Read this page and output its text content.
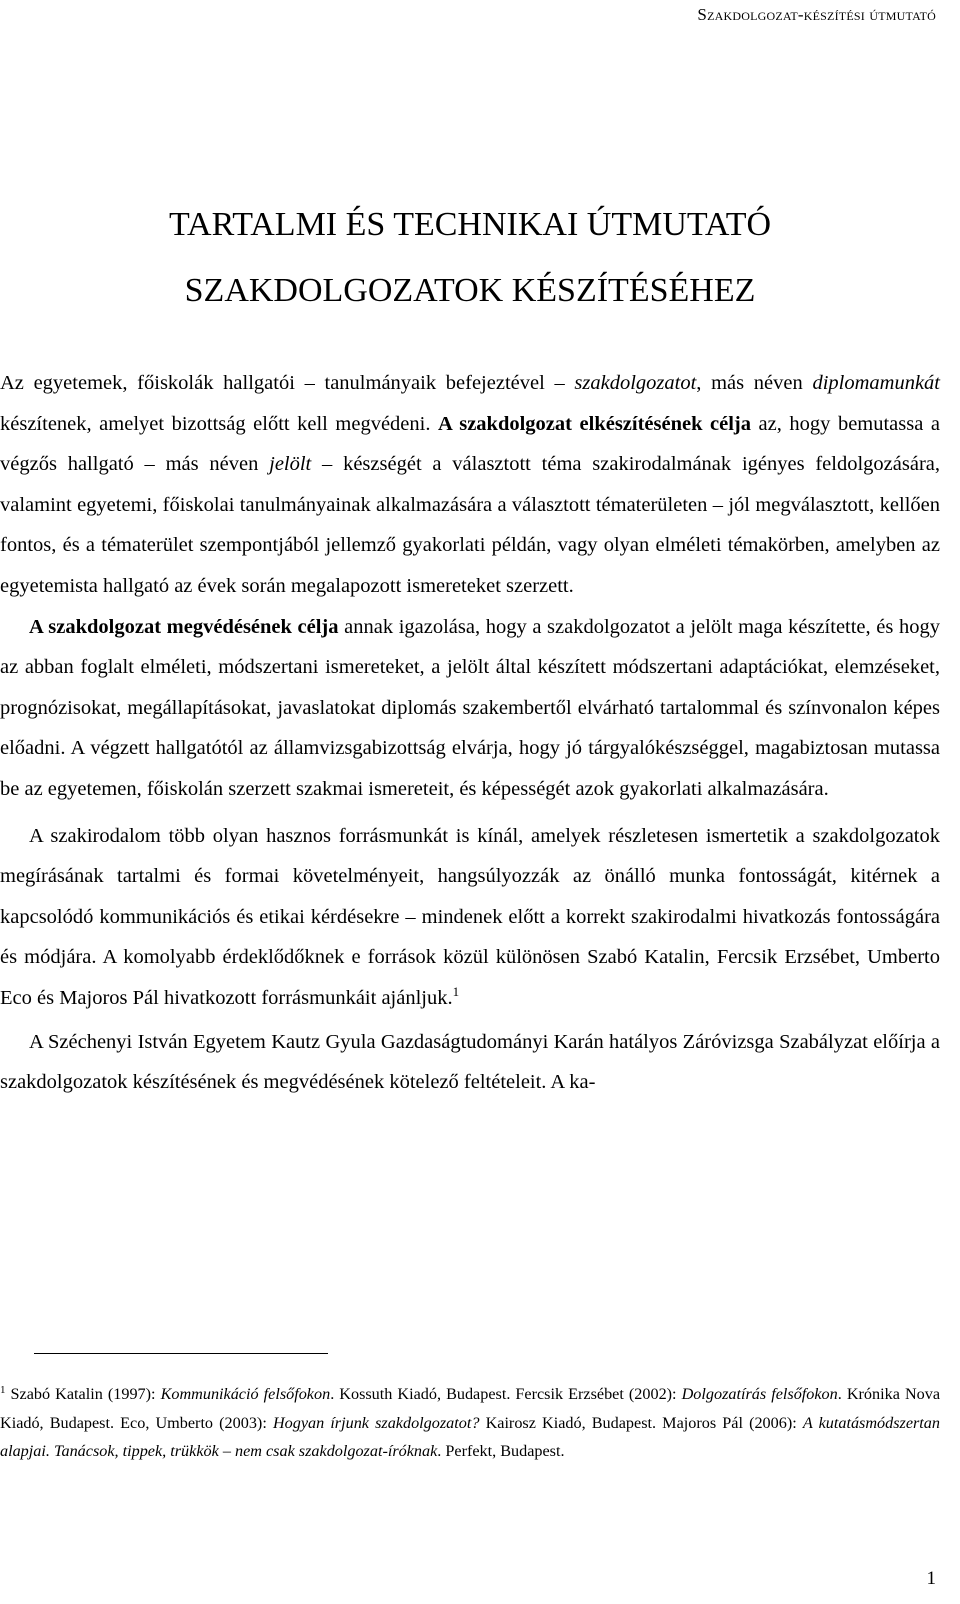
Szakdolgozat-készítési útmutató
TARTALMI ÉS TECHNIKAI ÚTMUTATÓ
SZAKDOLGOZATOK KÉSZÍTÉSÉHEZ

Az egyetemek, főiskolák hallgatói – tanulmányaik befejeztével – szakdolgozatot, más néven diplomamunkát készítenek, amelyet bizottság előtt kell megvédeni. A szakdolgozat elkészítésének célja az, hogy bemutassa a végzős hallgató – más néven jelölt – készségét a választott téma szakirodalmának igényes feldolgozására, valamint egyetemi, főiskolai tanulmányainak alkalmazására a választott tématerületen – jól megválasztott, kellően fontos, és a tématerület szempontjából jellemző gyakorlati példán, vagy olyan elméleti témakörben, amelyben az egyetemista hallgató az évek során megalapozott ismereteket szerzett.

A szakdolgozat megvédésének célja annak igazolása, hogy a szakdolgozatot a jelölt maga készítette, és hogy az abban foglalt elméleti, módszertani ismereteket, a jelölt által készített módszertani adaptációkat, elemzéseket, prognózisokat, megállapításokat, javaslatokat diplomás szakembertől elvárható tartalommal és színvonalon képes előadni. A végzett hallgatótól az államvizsgabizottság elvárja, hogy jó tárgyalókészséggel, magabiztosan mutassa be az egyetemen, főiskolán szerzett szakmai ismereteit, és képességét azok gyakorlati alkalmazására.

A szakirodalom több olyan hasznos forrásmunkát is kínál, amelyek részletesen ismertetik a szakdolgozatok megírásának tartalmi és formai követelményeit, hangsúlyozzák az önálló munka fontosságát, kitérnek a kapcsolódó kommunikációs és etikai kérdésekre – mindenek előtt a korrekt szakirodalmi hivatkozás fontosságára és módjára. A komolyabb érdeklődőknek e források közül különösen Szabó Katalin, Fercsik Erzsébet, Umberto Eco és Majoros Pál hivatkozott forrásmunkáit ajánljuk.$^1$

A Széchenyi István Egyetem Kautz Gyula Gazdaságtudományi Karán hatályos Záróvizsga Szabályzat előírja a szakdolgozatok készítésének és megvédésének kötelező feltételeit. A ka-

$^1$ Szabó Katalin (1997): Kommunikáció felsőfokon. Kossuth Kiadó, Budapest. Fercsik Erzsébet (2002): Dolgozatírás felsőfokon. Krónika Nova Kiadó, Budapest. Eco, Umberto (2003): Hogyan írjunk szakdolgozatot? Kairosz Kiadó, Budapest. Majoros Pál (2006): A kutatásmódszertan alapjai. Tanácsok, tippek, trükkök – nem csak szakdolgozat-íróknak. Perfekt, Budapest.
1
